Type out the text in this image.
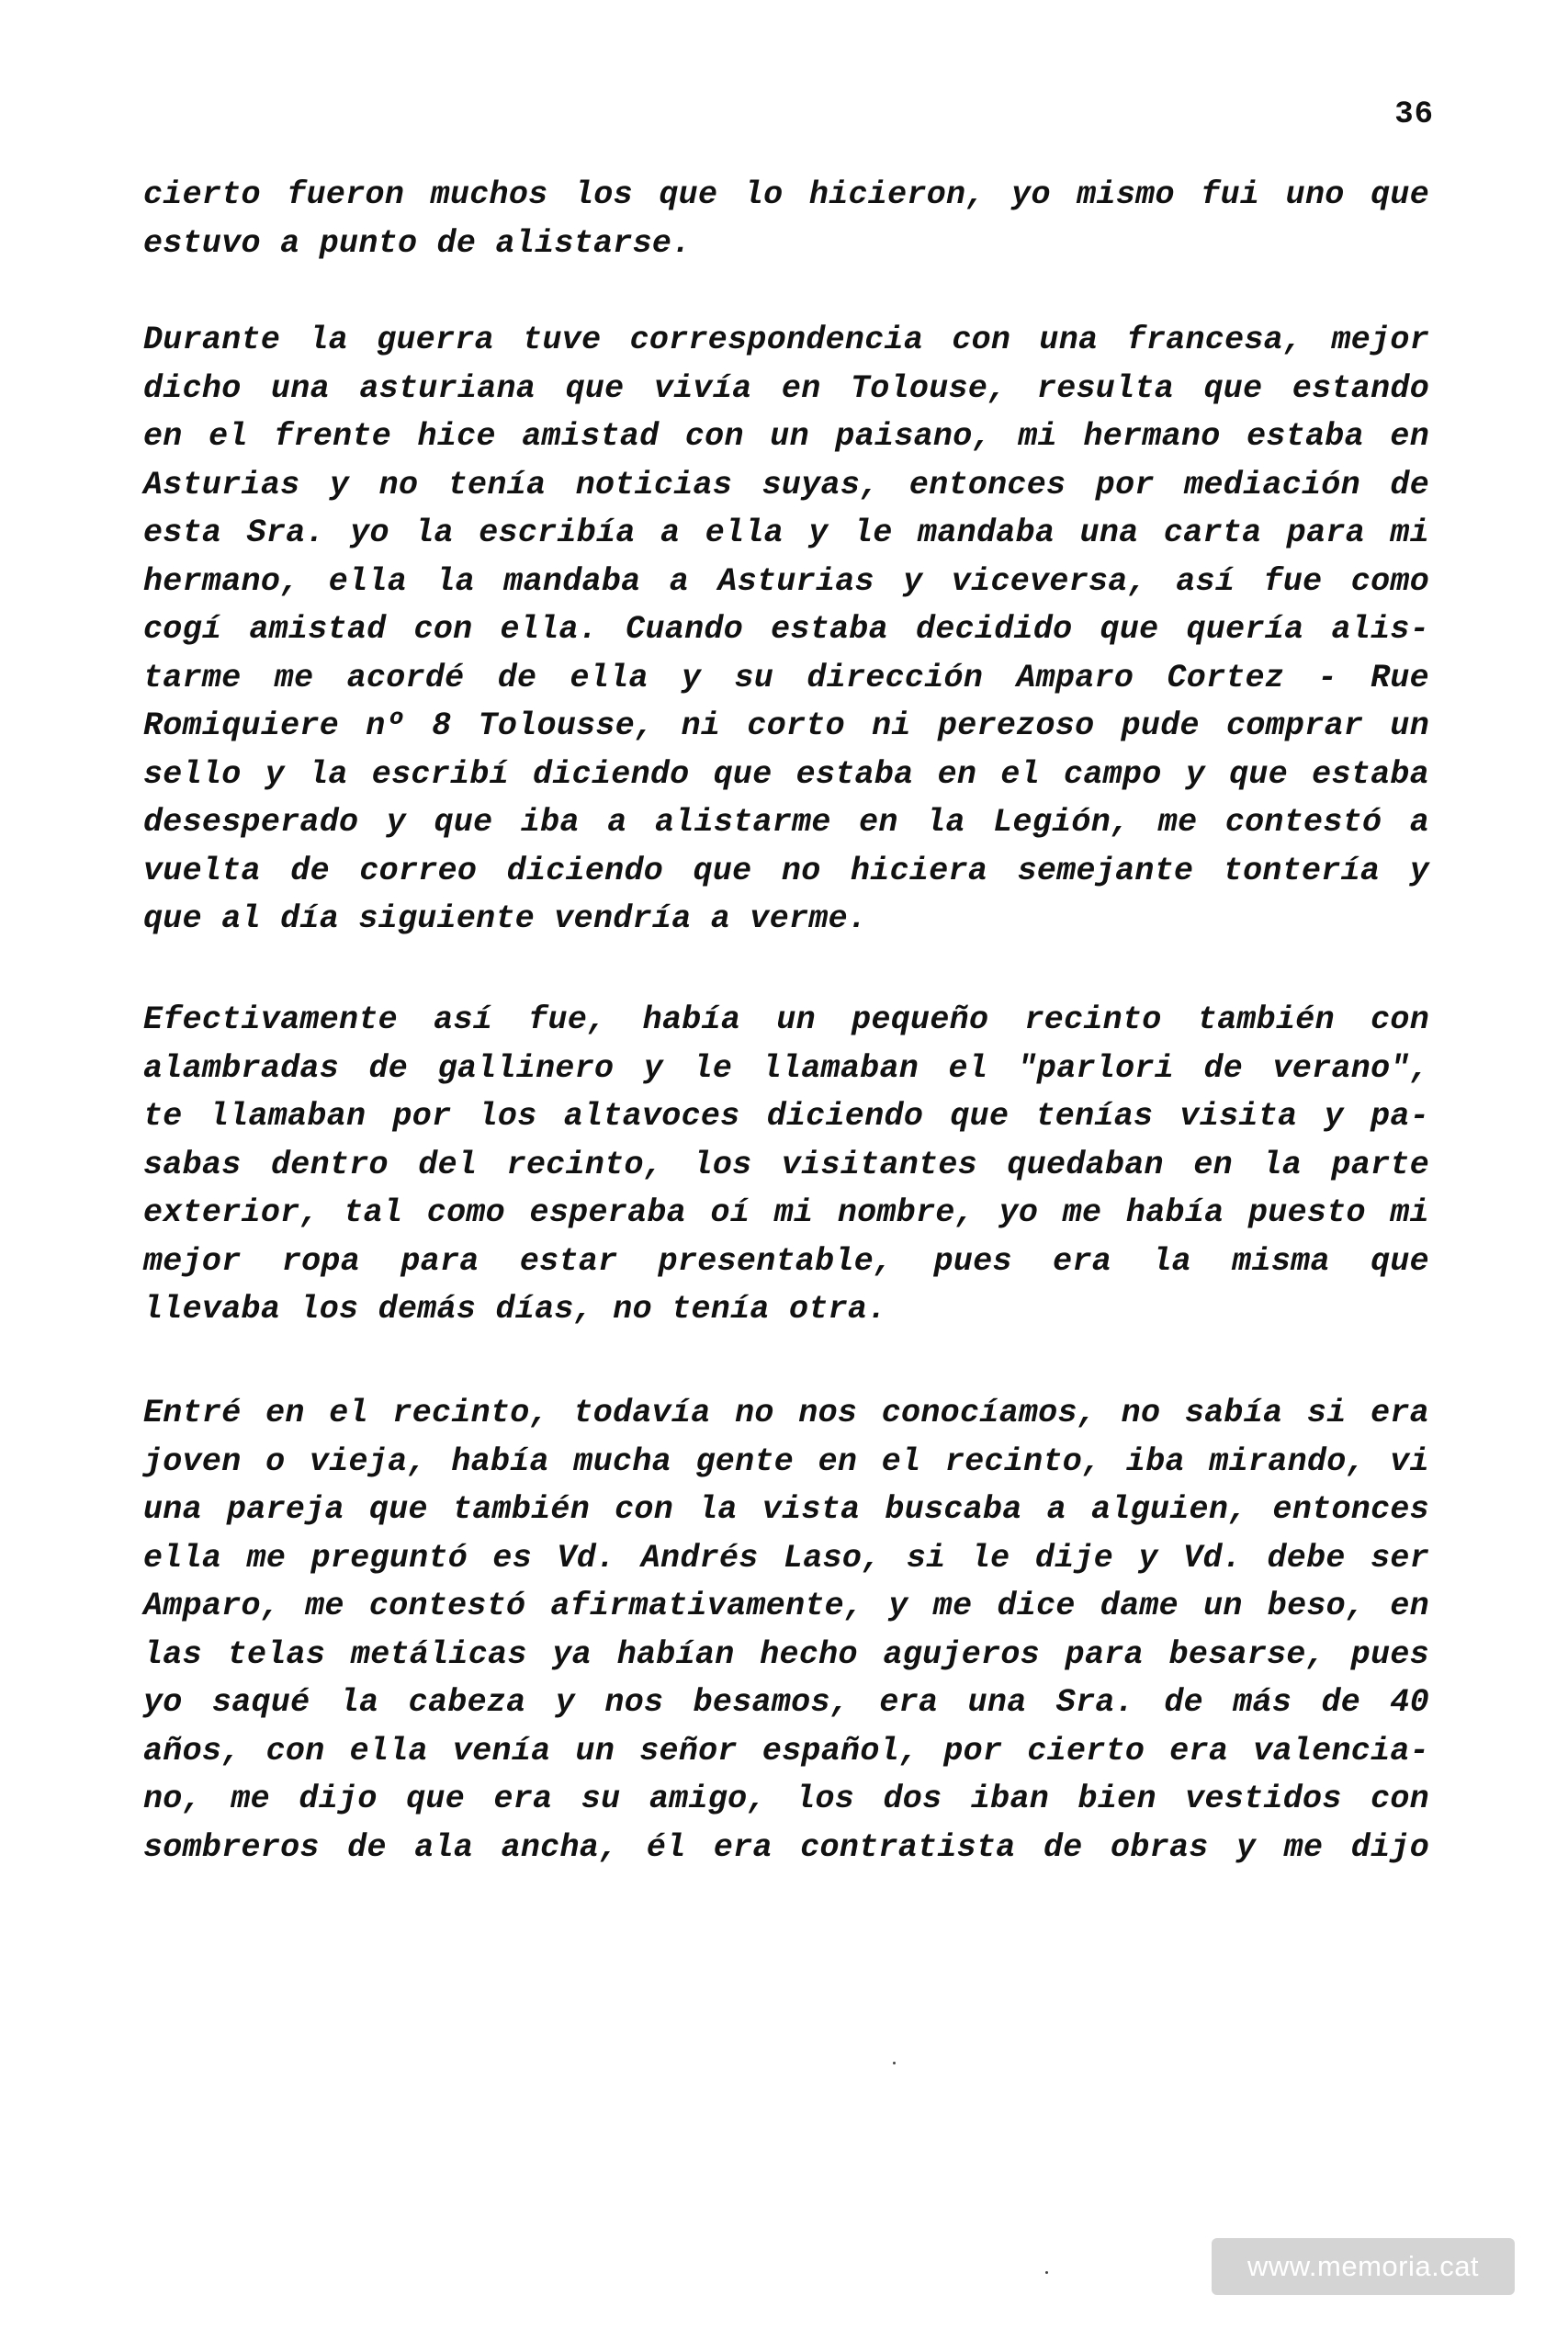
36
cierto fueron muchos los que lo hicieron, yo mismo fui uno que
estuvo a punto de alistarse.
Durante la guerra tuve correspondencia con una francesa, mejor
dicho una asturiana que vivía en Tolouse, resulta que estando
en el frente hice amistad con un paisano, mi hermano estaba en
Asturias y no tenía noticias suyas, entonces por mediación de
esta Sra. yo la escribía a ella y le mandaba una carta para mi
hermano, ella la mandaba a Asturias y viceversa, así fue como
cogí amistad con ella. Cuando estaba decidido que quería alis-
tarme me acordé de ella y su dirección Amparo Cortez - Rue
Romiquiere nº 8 Tolousse, ni corto ni perezoso pude comprar un
sello y la escribí diciendo que estaba en el campo y que estaba
desesperado y que iba a alistarme en la Legión, me contestó a
vuelta de correo diciendo que no hiciera semejante tontería y
que al día siguiente vendría a verme.
Efectivamente así fue, había un pequeño recinto también con
alambradas de gallinero y le llamaban el "parlori de verano",
te llamaban por los altavoces diciendo que tenías visita y pa-
sabas dentro del recinto, los visitantes quedaban en la parte
exterior, tal como esperaba oí mi nombre, yo me había puesto mi
mejor ropa para estar presentable, pues era la misma que
llevaba los demás días, no tenía otra.
Entré en el recinto, todavía no nos conocíamos, no sabía si era
joven o vieja, había mucha gente en el recinto, iba mirando, vi
una pareja que también con la vista buscaba a alguien, entonces
ella me preguntó es Vd. Andrés Laso, si le dije y Vd. debe ser
Amparo, me contestó afirmativamente, y me dice dame un beso, en
las telas metálicas ya habían hecho agujeros para besarse, pues
yo saqué la cabeza y nos besamos, era una Sra. de más de 40
años, con ella venía un señor español, por cierto era valencia-
no, me dijo que era su amigo, los dos iban bien vestidos con
sombreros de ala ancha, él era contratista de obras y me dijo
www.memoria.cat
